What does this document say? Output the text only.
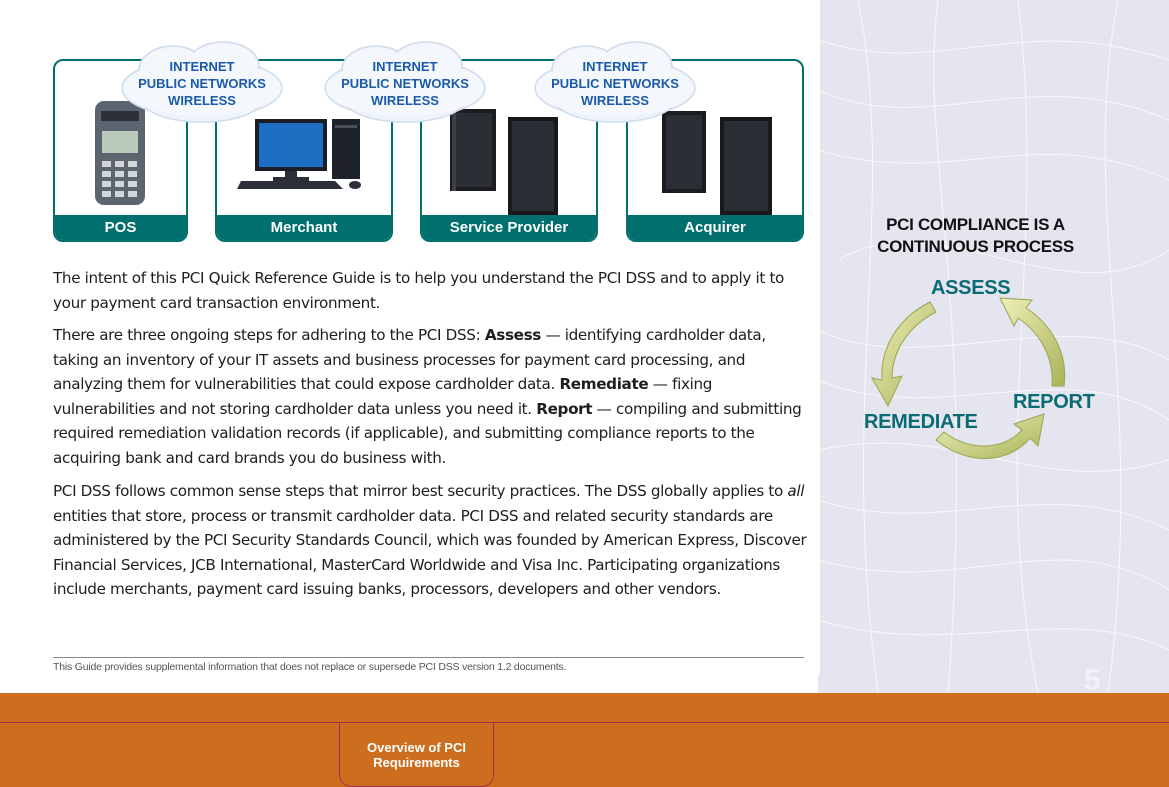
POS	Merchant	Service Provider	Acquirer
INTERNET
PUBLIC NETWORKS
WIRELESS
INTERNET
PUBLIC NETWORKS
WIRELESS
INTERNET
PUBLIC NETWORKS
WIRELESS

The intent of this PCI Quick Reference Guide is to help you understand the PCI DSS and to apply it to your payment card transaction environment.

There are three ongoing steps for adhering to the PCI DSS: Assess — identifying cardholder data, taking an inventory of your IT assets and business processes for payment card processing, and analyzing them for vulnerabilities that could expose cardholder data. Remediate — fixing vulnerabilities and not storing cardholder data unless you need it. Report — compiling and submitting required remediation validation records (if applicable), and submitting compliance reports to the acquiring bank and card brands you do business with.

PCI DSS follows common sense steps that mirror best security practices. The DSS globally applies to all entities that store, process or transmit cardholder data. PCI DSS and related security standards are administered by the PCI Security Standards Council, which was founded by American Express, Discover Financial Services, JCB International, MasterCard Worldwide and Visa Inc. Participating organizations include merchants, payment card issuing banks, processors, developers and other vendors.

This Guide provides supplemental information that does not replace or supersede PCI DSS version 1.2 documents.
PCI COMPLIANCE IS A
CONTINUOUS PROCESS
ASSESS
REPORT
REMEDIATE
5
Overview of PCI
Requirements
